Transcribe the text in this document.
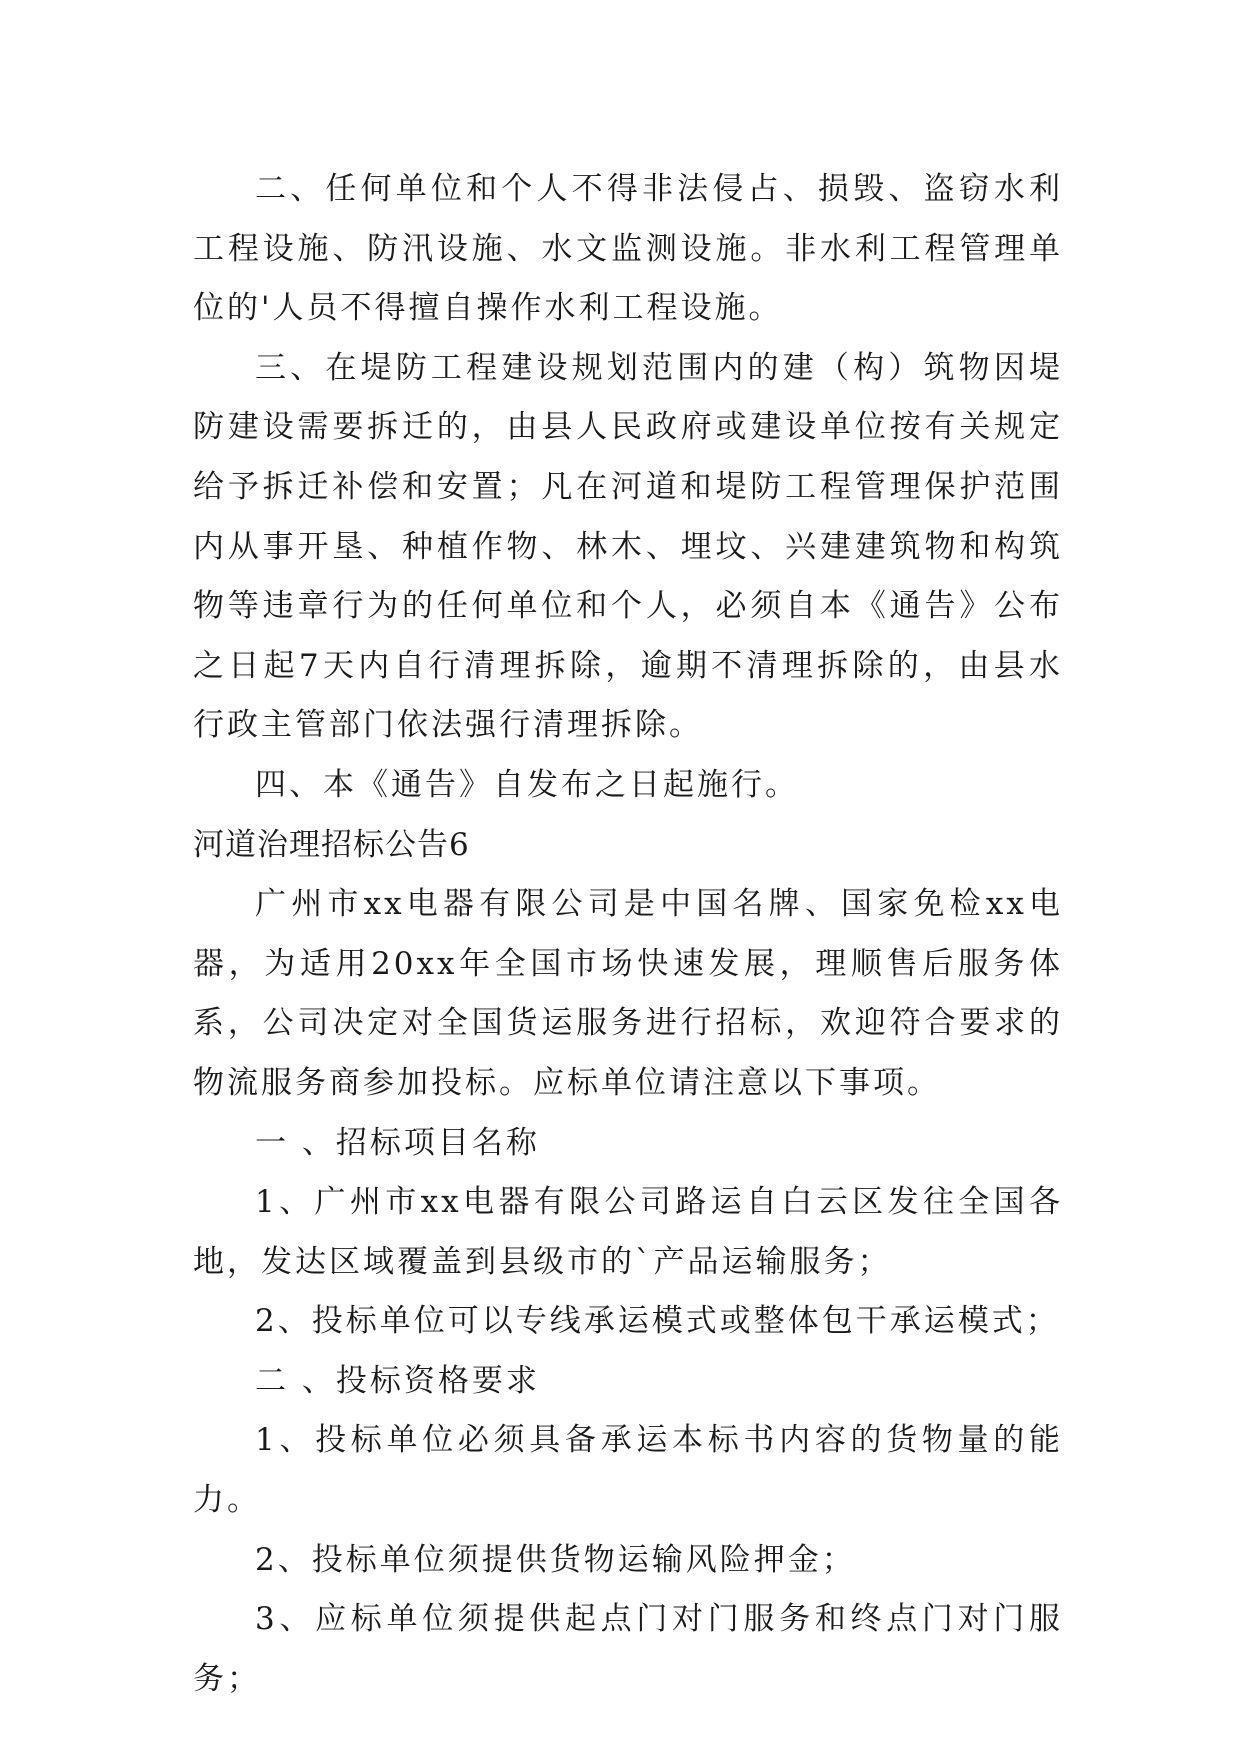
二、任何单位和个人不得非法侵占、损毁、盗窃水利工程设施、防汛设施、水文监测设施。非水利工程管理单位的'人员不得擅自操作水利工程设施。

三、在堤防工程建设规划范围内的建（构）筑物因堤防建设需要拆迁的，由县人民政府或建设单位按有关规定给予拆迁补偿和安置；凡在河道和堤防工程管理保护范围内从事开垦、种植作物、林木、埋坟、兴建建筑物和构筑物等违章行为的任何单位和个人，必须自本《通告》公布之日起7天内自行清理拆除，逾期不清理拆除的，由县水行政主管部门依法强行清理拆除。

四、本《通告》自发布之日起施行。

河道治理招标公告6

广州市xx电器有限公司是中国名牌、国家免检xx电器，为适用20xx年全国市场快速发展，理顺售后服务体系，公司决定对全国货运服务进行招标，欢迎符合要求的物流服务商参加投标。应标单位请注意以下事项。

一 、招标项目名称

1、广州市xx电器有限公司路运自白云区发往全国各地，发达区域覆盖到县级市的`产品运输服务；

2、投标单位可以专线承运模式或整体包干承运模式；

二 、投标资格要求

1、投标单位必须具备承运本标书内容的货物量的能力。

2、投标单位须提供货物运输风险押金；

3、应标单位须提供起点门对门服务和终点门对门服务；
